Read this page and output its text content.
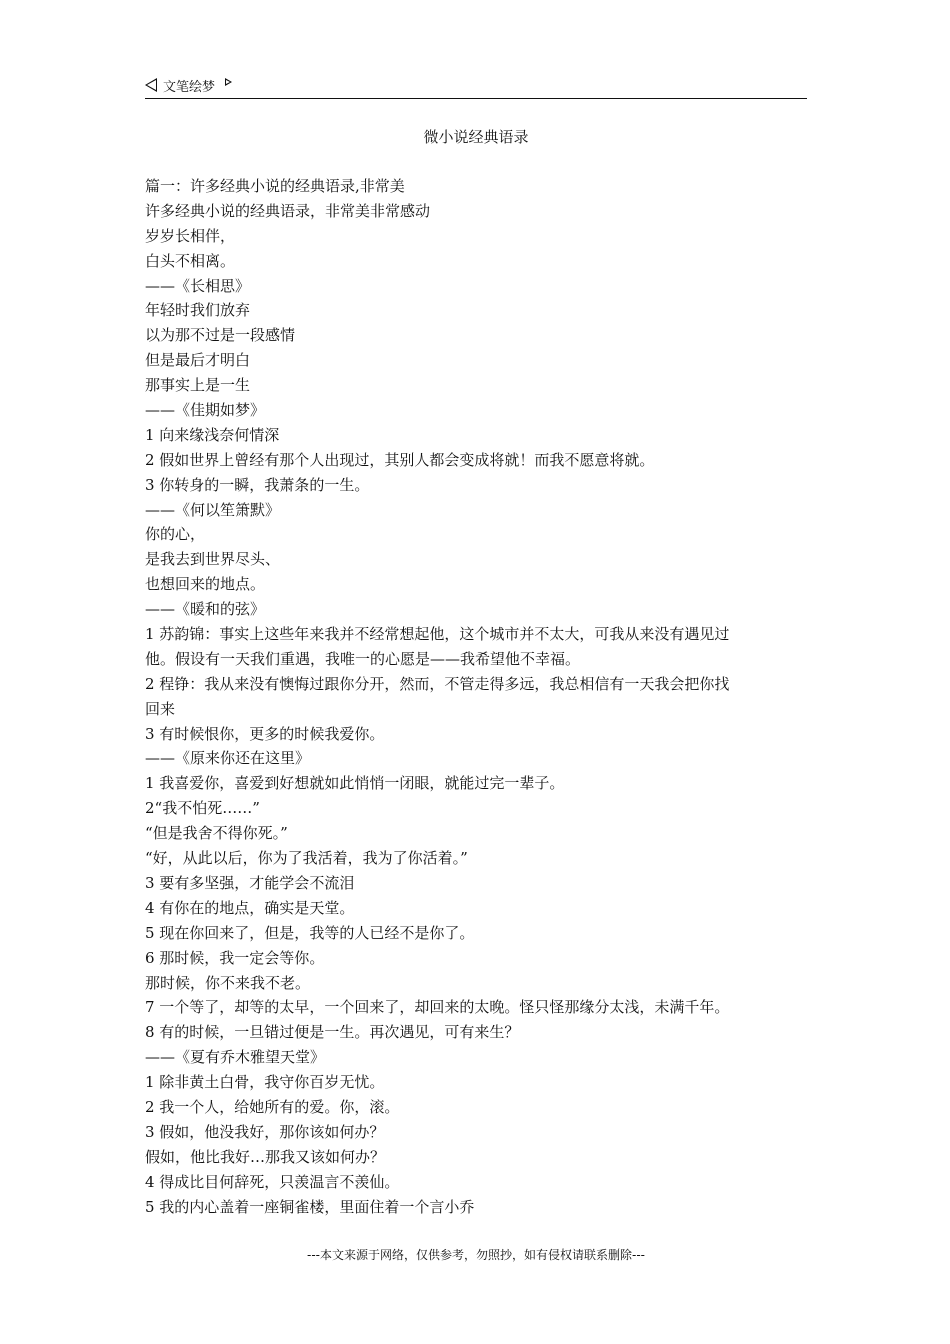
文笔绘梦
微小说经典语录
篇一：许多经典小说的经典语录,非常美
许多经典小说的经典语录，非常美非常感动
岁岁长相伴，
白头不相离。
——《长相思》
年轻时我们放弃
以为那不过是一段感情
但是最后才明白
那事实上是一生
——《佳期如梦》
1 向来缘浅奈何情深
2 假如世界上曾经有那个人出现过，其别人都会变成将就！而我不愿意将就。
3 你转身的一瞬，我萧条的一生。
——《何以笙箫默》
你的心，
是我去到世界尽头、
也想回来的地点。
——《暖和的弦》
1 苏韵锦：事实上这些年来我并不经常想起他，这个城市并不太大，可我从来没有遇见过
他。假设有一天我们重遇，我唯一的心愿是——我希望他不幸福。
2 程铮：我从来没有懊悔过跟你分开，然而，不管走得多远，我总相信有一天我会把你找
回来
3 有时候恨你，更多的时候我爱你。
——《原来你还在这里》
1 我喜爱你，喜爱到好想就如此悄悄一闭眼，就能过完一辈子。
2“我不怕死……”
“但是我舍不得你死。”
“好，从此以后，你为了我活着，我为了你活着。”
3 要有多坚强，才能学会不流泪
4 有你在的地点，确实是天堂。
5 现在你回来了，但是，我等的人已经不是你了。
6 那时候，我一定会等你。
那时候，你不来我不老。
7 一个等了，却等的太早，一个回来了，却回来的太晚。怪只怪那缘分太浅，未满千年。
8 有的时候，一旦错过便是一生。再次遇见，可有来生？
——《夏有乔木雅望天堂》
1 除非黄土白骨，我守你百岁无忧。
2 我一个人，给她所有的爱。你，滚。
3 假如，他没我好，那你该如何办？
假如，他比我好…那我又该如何办？
4 得成比目何辞死，只羡温言不羡仙。
5 我的内心盖着一座铜雀楼，里面住着一个言小乔
---本文来源于网络，仅供参考，勿照抄，如有侵权请联系删除---
